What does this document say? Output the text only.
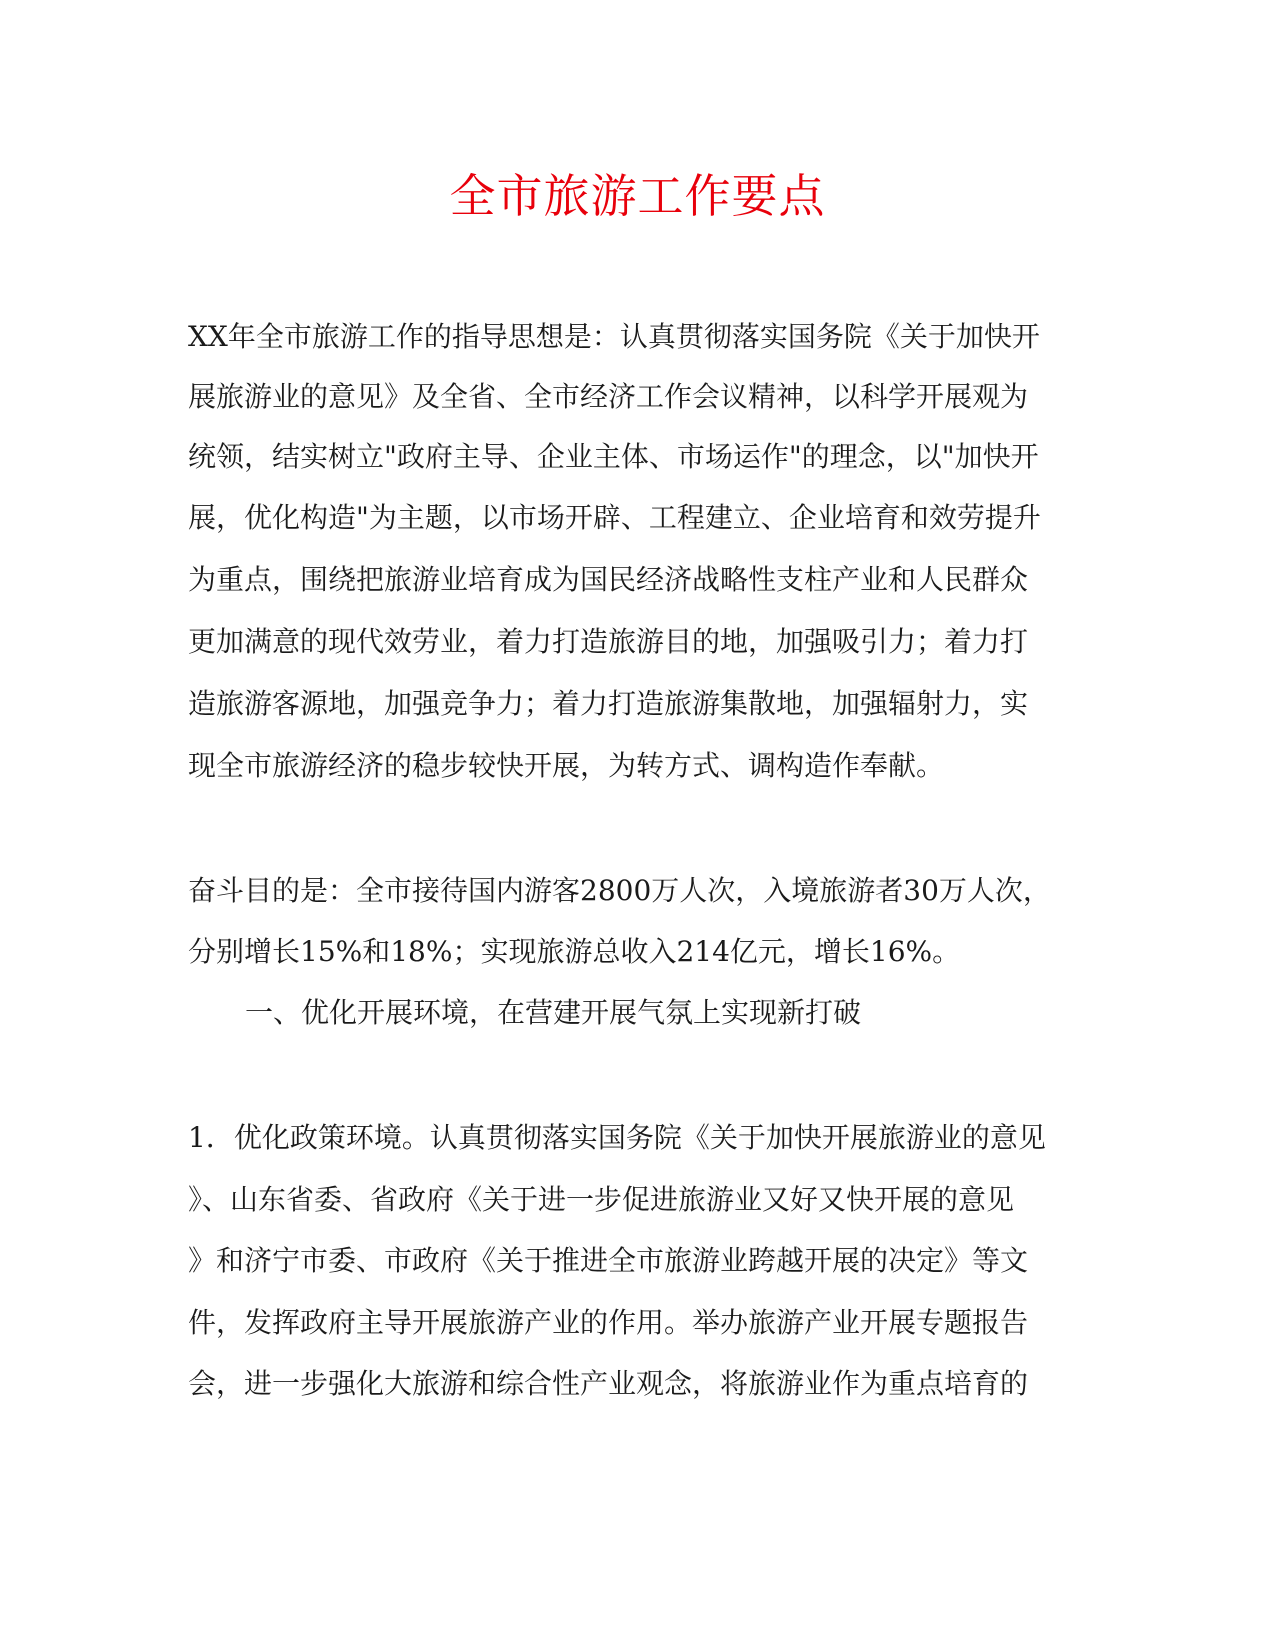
全市旅游工作要点

XX年全市旅游工作的指导思想是：认真贯彻落实国务院《关于加快开

展旅游业的意见》及全省、全市经济工作会议精神，以科学开展观为

统领，结实树立"政府主导、企业主体、市场运作"的理念，以"加快开

展，优化构造"为主题，以市场开辟、工程建立、企业培育和效劳提升

为重点，围绕把旅游业培育成为国民经济战略性支柱产业和人民群众

更加满意的现代效劳业，着力打造旅游目的地，加强吸引力；着力打

造旅游客源地，加强竞争力；着力打造旅游集散地，加强辐射力，实

现全市旅游经济的稳步较快开展，为转方式、调构造作奉献。

奋斗目的是：全市接待国内游客2800万人次，入境旅游者30万人次，

分别增长15%和18%；实现旅游总收入214亿元，增长16%。

一、优化开展环境，在营建开展气氛上实现新打破

1．优化政策环境。认真贯彻落实国务院《关于加快开展旅游业的意见

》、山东省委、省政府《关于进一步促进旅游业又好又快开展的意见

》和济宁市委、市政府《关于推进全市旅游业跨越开展的决定》等文

件，发挥政府主导开展旅游产业的作用。举办旅游产业开展专题报告

会，进一步强化大旅游和综合性产业观念，将旅游业作为重点培育的
